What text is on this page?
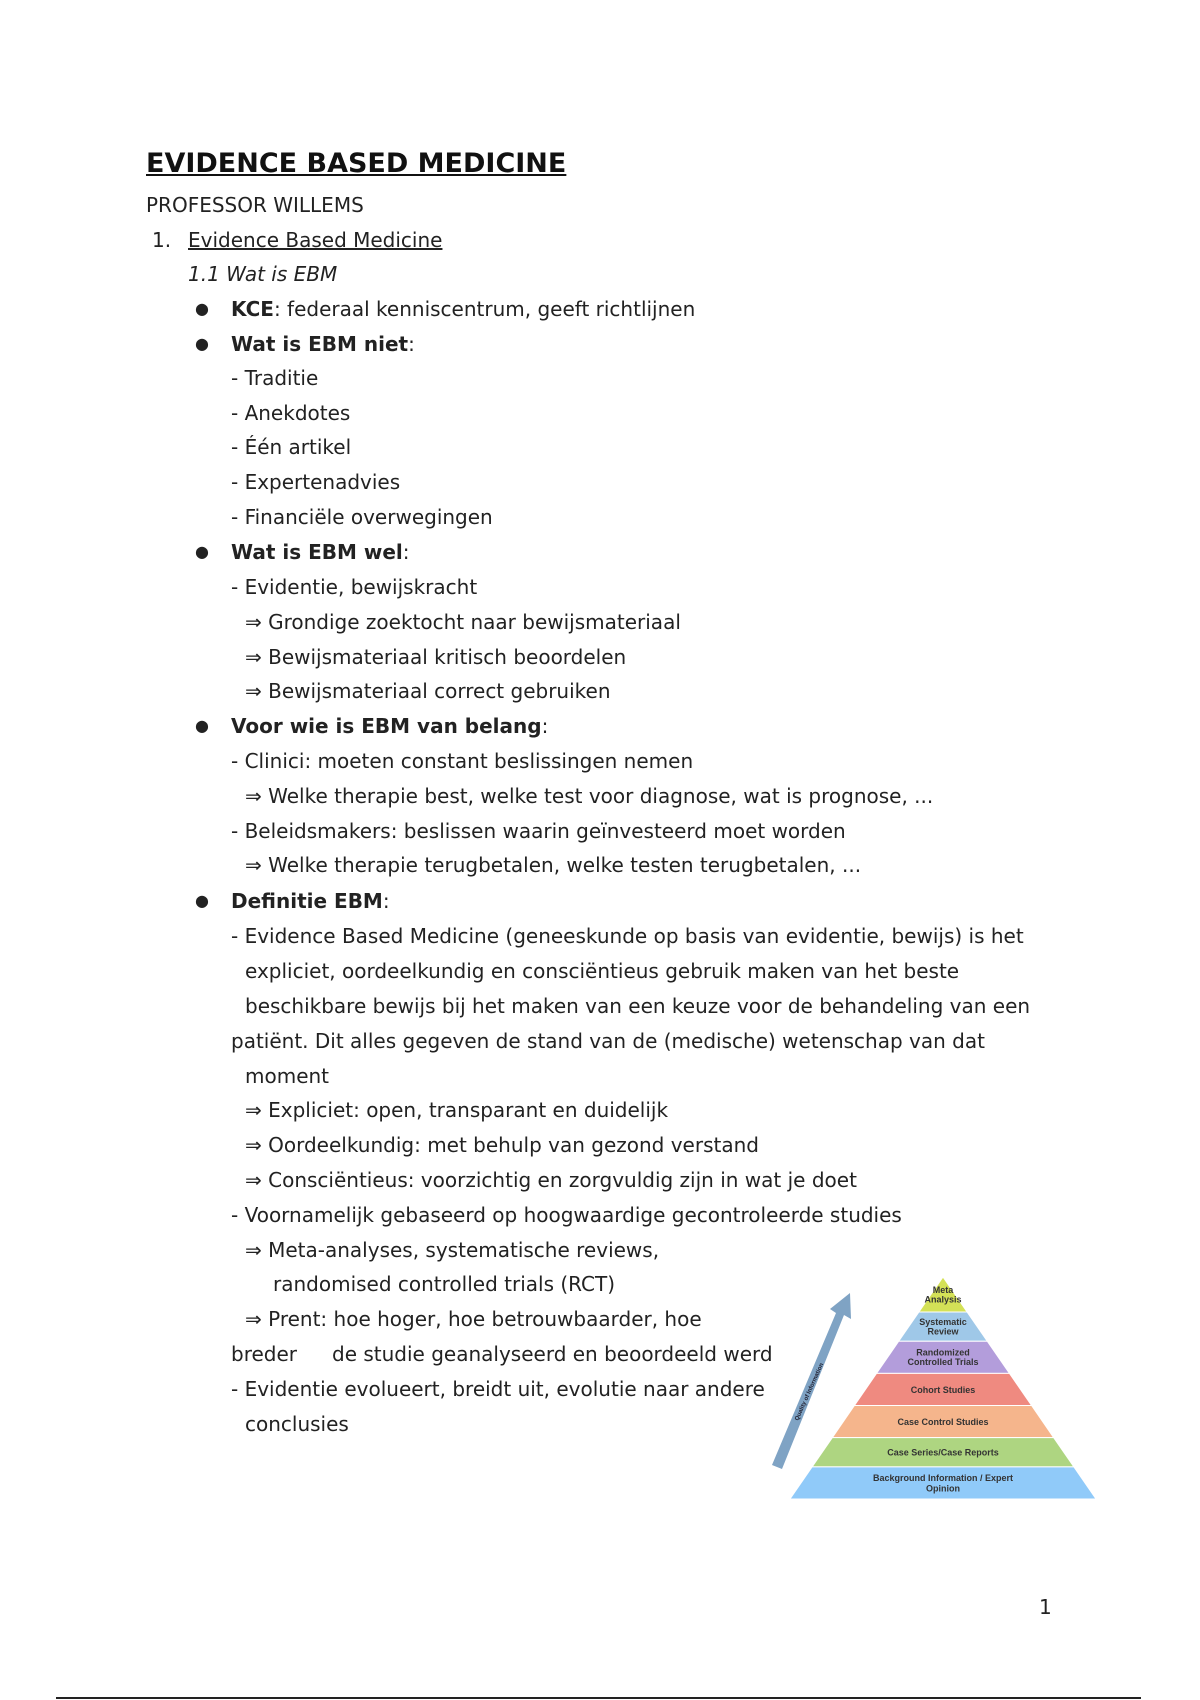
EVIDENCE BASED MEDICINE
PROFESSOR WILLEMS
1. Evidence Based Medicine
1.1 Wat is EBM
● KCE: federaal kenniscentrum, geeft richtlijnen
● Wat is EBM niet:
- Traditie
- Anekdotes
- Één artikel
- Expertenadvies
- Financiële overwegingen
● Wat is EBM wel:
- Evidentie, bewijskracht
⇒ Grondige zoektocht naar bewijsmateriaal
⇒ Bewijsmateriaal kritisch beoordelen
⇒ Bewijsmateriaal correct gebruiken
● Voor wie is EBM van belang:
- Clinici: moeten constant beslissingen nemen
⇒ Welke therapie best, welke test voor diagnose, wat is prognose, ...
- Beleidsmakers: beslissen waarin geïnvesteerd moet worden
⇒ Welke therapie terugbetalen, welke testen terugbetalen, ...
● Definitie EBM:
- Evidence Based Medicine (geneeskunde op basis van evidentie, bewijs) is het
expliciet, oordeelkundig en consciëntieus gebruik maken van het beste
beschikbare bewijs bij het maken van een keuze voor de behandeling van een
patiënt. Dit alles gegeven de stand van de (medische) wetenschap van dat
moment
⇒ Expliciet: open, transparant en duidelijk
⇒ Oordeelkundig: met behulp van gezond verstand
⇒ Consciëntieus: voorzichtig en zorgvuldig zijn in wat je doet
- Voornamelijk gebaseerd op hoogwaardige gecontroleerde studies
⇒ Meta-analyses, systematische reviews,
randomised controlled trials (RCT)
⇒ Prent: hoe hoger, hoe betrouwbaarder, hoe
breder de studie geanalyseerd en beoordeeld werd
- Evidentie evolueert, breidt uit, evolutie naar andere
conclusies
Meta
Analysis
Systematic
Review
Randomized
Controlled Trials
Cohort Studies
Case Control Studies
Case Series/Case Reports
Background Information / Expert
Opinion
Quality of Information
1
